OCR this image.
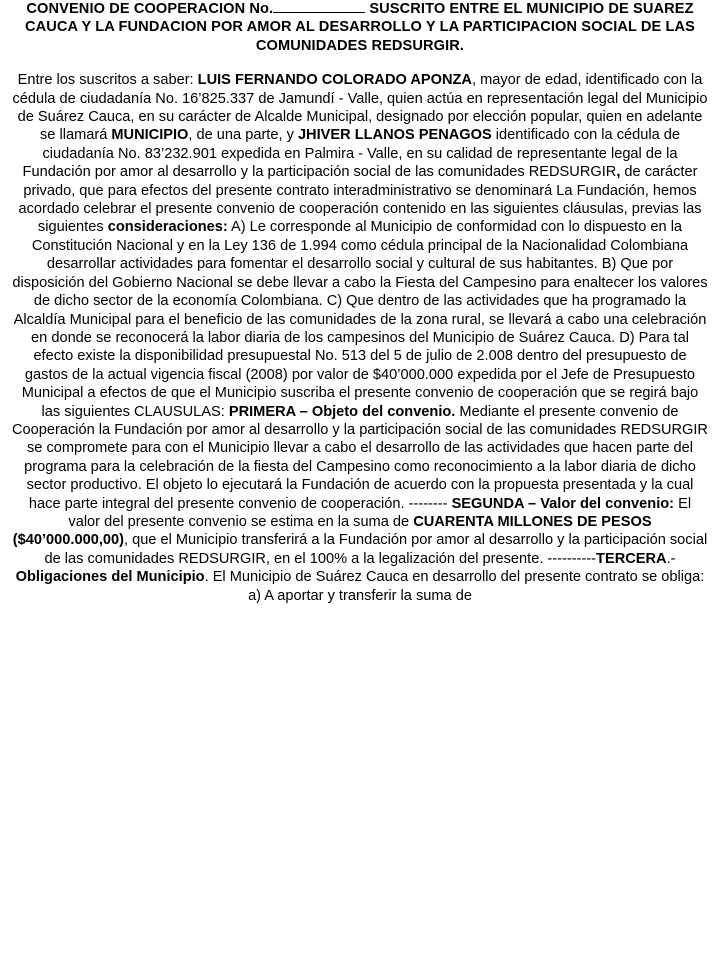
CONVENIO DE COOPERACION No.	SUSCRITO ENTRE EL MUNICIPIO DE SUAREZ CAUCA Y LA FUNDACION POR AMOR AL DESARROLLO Y LA PARTICIPACION SOCIAL DE LAS COMUNIDADES REDSURGIR.

Entre los suscritos a saber: LUIS FERNANDO COLORADO APONZA, mayor de edad, identificado con la cédula de ciudadanía No. 16’825.337 de Jamundí - Valle, quien actúa en representación legal del Municipio de Suárez Cauca, en su carácter de Alcalde Municipal, designado por elección popular, quien en adelante se llamará MUNICIPIO, de una parte, y JHIVER LLANOS PENAGOS identificado con la cédula de ciudadanía No. 83’232.901 expedida en Palmira - Valle, en su calidad de representante legal de la Fundación por amor al desarrollo y la participación social de las comunidades REDSURGIR, de carácter privado, que para efectos del presente contrato interadministrativo se denominará La Fundación, hemos acordado celebrar el presente convenio de cooperación contenido en las siguientes cláusulas, previas las siguientes consideraciones: A) Le corresponde al Municipio de conformidad con lo dispuesto en la Constitución Nacional y en la Ley 136 de 1.994 como cédula principal de la Nacionalidad Colombiana desarrollar actividades para fomentar el desarrollo social y cultural de sus habitantes. B) Que por disposición del Gobierno Nacional se debe llevar a cabo la Fiesta del Campesino para enaltecer los valores de dicho sector de la economía Colombiana. C) Que dentro de las actividades que ha programado la Alcaldía Municipal para el beneficio de las comunidades de la zona rural, se llevará a cabo una celebración en donde se reconocerá la labor diaria de los campesinos del Municipio de Suárez Cauca. D) Para tal efecto existe la disponibilidad presupuestal No. 513 del 5 de julio de 2.008 dentro del presupuesto de gastos de la actual vigencia fiscal (2008) por valor de $40’000.000 expedida por el Jefe de Presupuesto Municipal a efectos de que el Municipio suscriba el presente convenio de cooperación que se regirá bajo las siguientes CLAUSULAS: PRIMERA – Objeto del convenio. Mediante el presente convenio de Cooperación la Fundación por amor al desarrollo y la participación social de las comunidades REDSURGIR se compromete para con el Municipio llevar a cabo el desarrollo de las actividades que hacen parte del programa para la celebración de la fiesta del Campesino como reconocimiento a la labor diaria de dicho sector productivo. El objeto lo ejecutará la Fundación de acuerdo con la propuesta presentada y la cual hace parte integral del presente convenio de cooperación. -------- SEGUNDA – Valor del convenio: El valor del presente convenio se estima en la suma de CUARENTA MILLONES DE PESOS ($40’000.000,00), que el Municipio transferirá a la Fundación por amor al desarrollo y la participación social de las comunidades REDSURGIR, en el 100% a la legalización del presente. ----------TERCERA.- Obligaciones del Municipio. El Municipio de Suárez Cauca en desarrollo del presente contrato se obliga: a) A aportar y transferir la suma de
